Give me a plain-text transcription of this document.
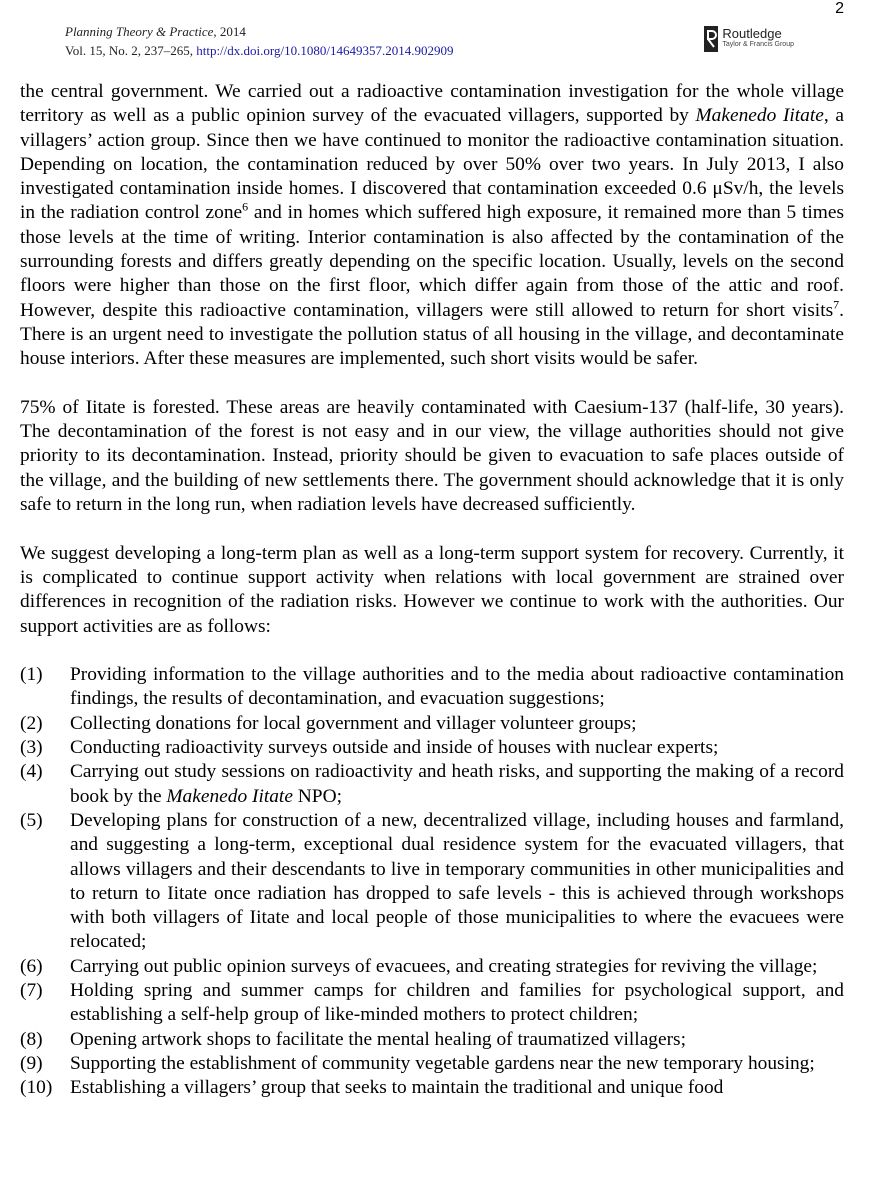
2
Planning Theory & Practice, 2014
Vol. 15, No. 2, 237–265, http://dx.doi.org/10.1080/14649357.2014.902909
Routledge
Taylor & Francis Group

the central government. We carried out a radioactive contamination investigation for the whole village territory as well as a public opinion survey of the evacuated villagers, supported by Makenedo Iitate, a villagers’ action group. Since then we have continued to monitor the radioactive contamination situation. Depending on location, the contamination reduced by over 50% over two years. In July 2013, I also investigated contamination inside homes. I discovered that contamination exceeded 0.6 μSv/h, the levels in the radiation control zone$^6$ and in homes which suffered high exposure, it remained more than 5 times those levels at the time of writing. Interior contamination is also affected by the contamination of the surrounding forests and differs greatly depending on the specific location. Usually, levels on the second floors were higher than those on the first floor, which differ again from those of the attic and roof. However, despite this radioactive contamination, villagers were still allowed to return for short visits$^7$. There is an urgent need to investigate the pollution status of all housing in the village, and decontaminate house interiors. After these measures are implemented, such short visits would be safer.

75% of Iitate is forested. These areas are heavily contaminated with Caesium-137 (half-life, 30 years). The decontamination of the forest is not easy and in our view, the village authorities should not give priority to its decontamination. Instead, priority should be given to evacuation to safe places outside of the village, and the building of new settlements there. The government should acknowledge that it is only safe to return in the long run, when radiation levels have decreased sufficiently.

We suggest developing a long-term plan as well as a long-term support system for recovery. Currently, it is complicated to continue support activity when relations with local government are strained over differences in recognition of the radiation risks. However we continue to work with the authorities. Our support activities are as follows:

(1) Providing information to the village authorities and to the media about radioactive contamination findings, the results of decontamination, and evacuation suggestions;
(2) Collecting donations for local government and villager volunteer groups;
(3) Conducting radioactivity surveys outside and inside of houses with nuclear experts;
(4) Carrying out study sessions on radioactivity and heath risks, and supporting the making of a record book by the Makenedo Iitate NPO;
(5) Developing plans for construction of a new, decentralized village, including houses and farmland, and suggesting a long-term, exceptional dual residence system for the evacuated villagers, that allows villagers and their descendants to live in temporary communities in other municipalities and to return to Iitate once radiation has dropped to safe levels - this is achieved through workshops with both villagers of Iitate and local people of those municipalities to where the evacuees were relocated;
(6) Carrying out public opinion surveys of evacuees, and creating strategies for reviving the village;
(7) Holding spring and summer camps for children and families for psychological support, and establishing a self-help group of like-minded mothers to protect children;
(8) Opening artwork shops to facilitate the mental healing of traumatized villagers;
(9) Supporting the establishment of community vegetable gardens near the new temporary housing;
(10) Establishing a villagers’ group that seeks to maintain the traditional and unique food
